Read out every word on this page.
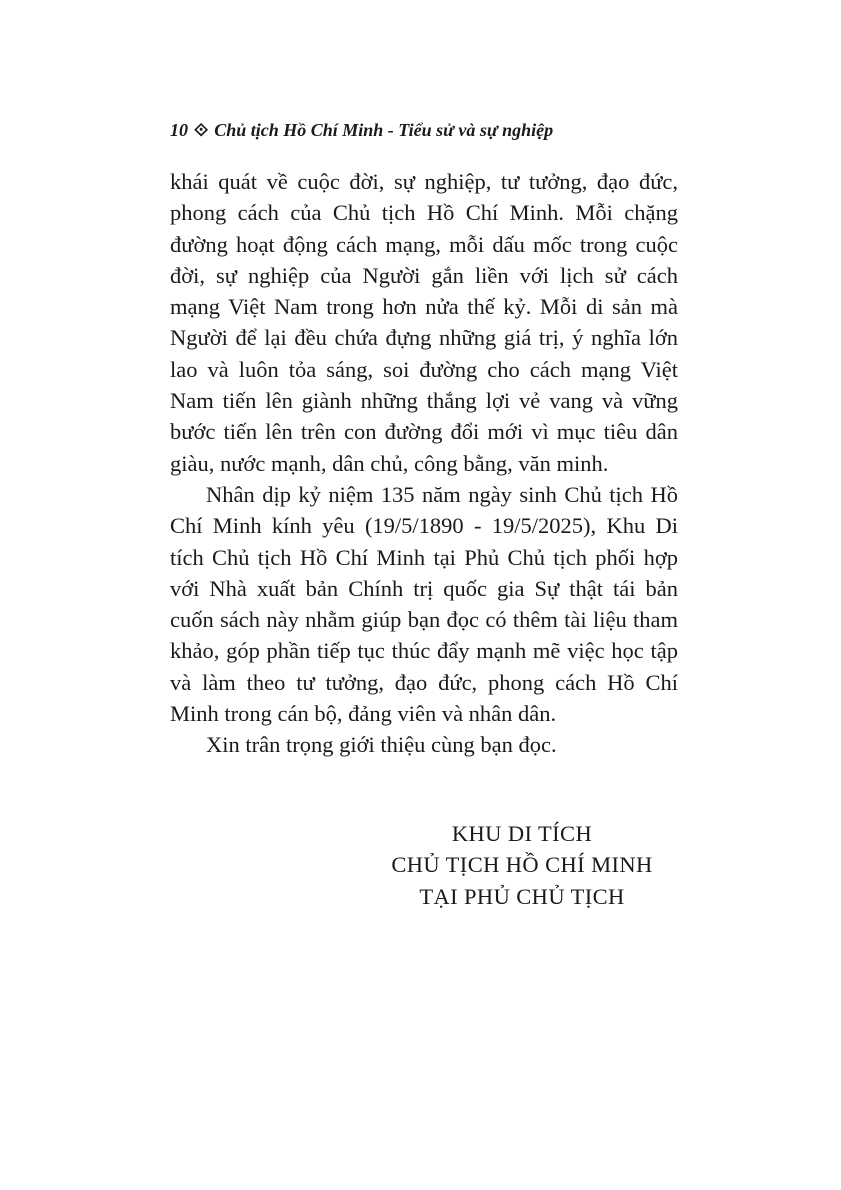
10 ⟐ Chủ tịch Hồ Chí Minh - Tiểu sử và sự nghiệp

khái quát về cuộc đời, sự nghiệp, tư tưởng, đạo đức, phong cách của Chủ tịch Hồ Chí Minh. Mỗi chặng đường hoạt động cách mạng, mỗi dấu mốc trong cuộc đời, sự nghiệp của Người gắn liền với lịch sử cách mạng Việt Nam trong hơn nửa thế kỷ. Mỗi di sản mà Người để lại đều chứa đựng những giá trị, ý nghĩa lớn lao và luôn tỏa sáng, soi đường cho cách mạng Việt Nam tiến lên giành những thắng lợi vẻ vang và vững bước tiến lên trên con đường đổi mới vì mục tiêu dân giàu, nước mạnh, dân chủ, công bằng, văn minh.

Nhân dịp kỷ niệm 135 năm ngày sinh Chủ tịch Hồ Chí Minh kính yêu (19/5/1890 - 19/5/2025), Khu Di tích Chủ tịch Hồ Chí Minh tại Phủ Chủ tịch phối hợp với Nhà xuất bản Chính trị quốc gia Sự thật tái bản cuốn sách này nhằm giúp bạn đọc có thêm tài liệu tham khảo, góp phần tiếp tục thúc đẩy mạnh mẽ việc học tập và làm theo tư tưởng, đạo đức, phong cách Hồ Chí Minh trong cán bộ, đảng viên và nhân dân.

Xin trân trọng giới thiệu cùng bạn đọc.

KHU DI TÍCH
CHỦ TỊCH HỒ CHÍ MINH
TẠI PHỦ CHỦ TỊCH
